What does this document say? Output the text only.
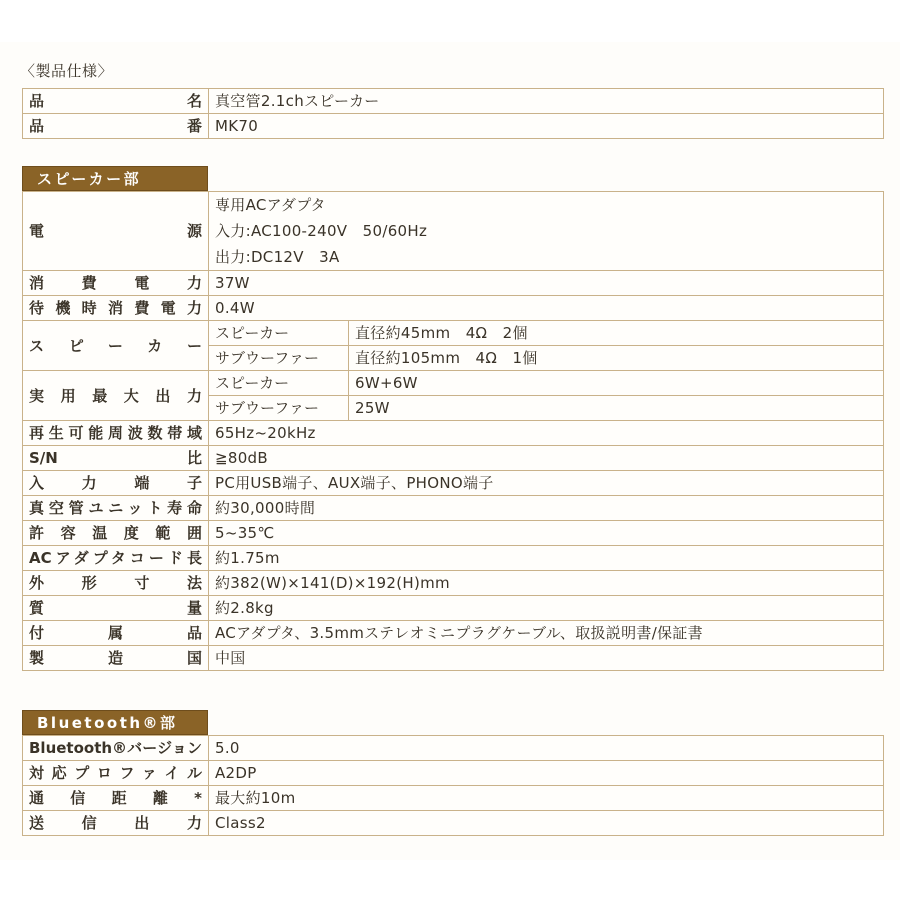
〈製品仕様〉
品名	真空管2.1chスピーカー
品番	MK70
スピーカー部
電源	専用ACアダプタ
入力:AC100-240V　50/60Hz
出力:DC12V　3A	

消費電力	37W	
待機時消費電力	0.4W	
スピーカー	スピーカー	直径約45mm　4Ω　2個
	サブウーファー	直径約105mm　4Ω　1個
実用最大出力	スピーカー	6W+6W
	サブウーファー	25W
再生可能周波数帯域	65Hz~20kHz	
S/N比	≧80dB	
入力端子	PC用USB端子、AUX端子、PHONO端子	
真空管ユニット寿命	約30,000時間	
許容温度範囲	5~35℃	
ACアダプタコード長	約1.75m	
外形寸法	約382(W)×141(D)×192(H)mm	
質量	約2.8kg	
付属品	ACアダプタ、3.5mmステレオミニプラグケーブル、取扱説明書/保証書	
製造国	中国	
Bluetooth®部
Bluetooth®バージョン	5.0
対応プロファイル	A2DP
通信距離*	最大約10m
送信出力	Class2
